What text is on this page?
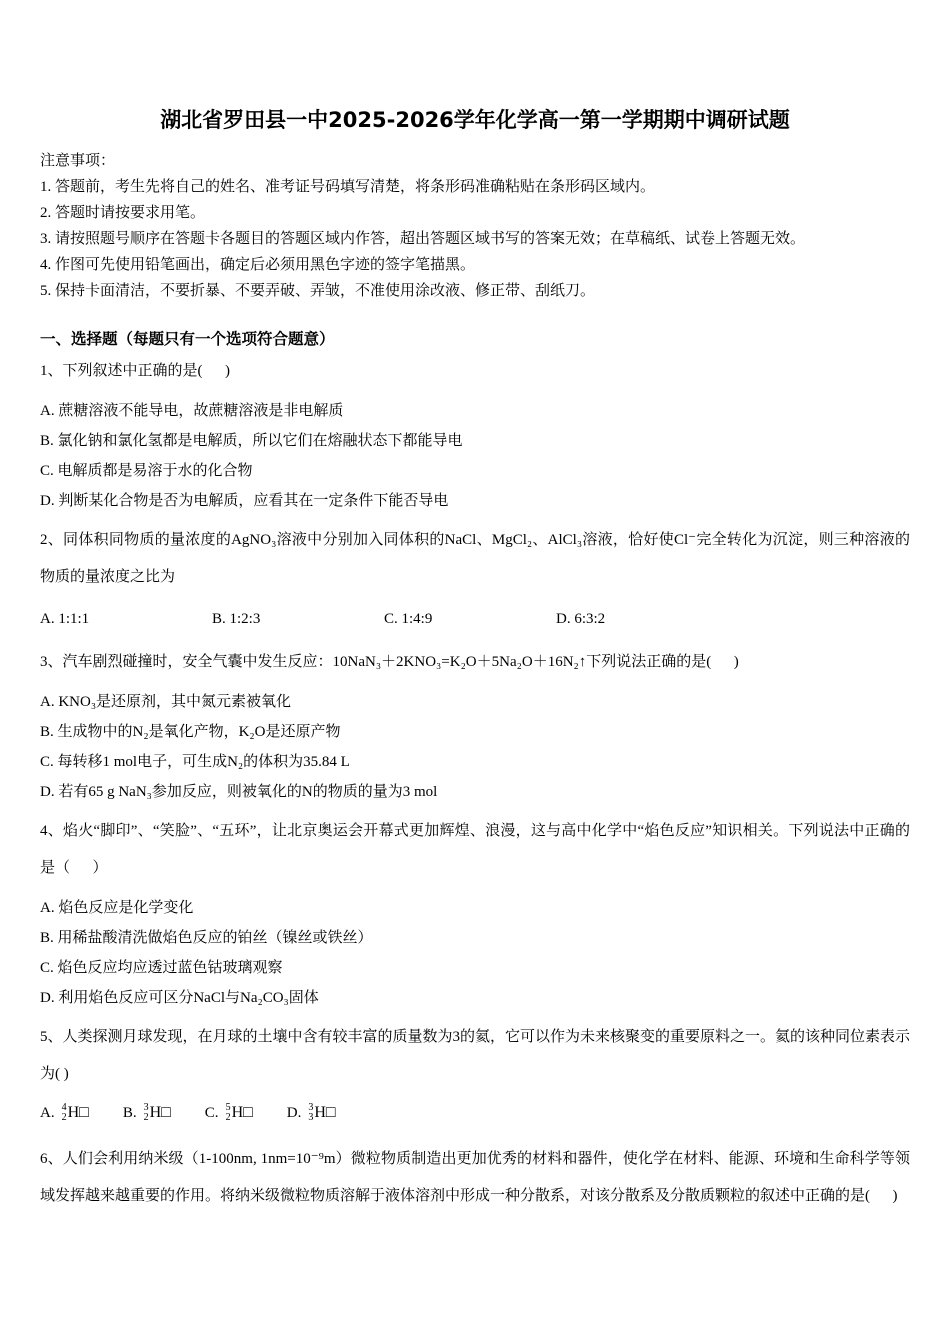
湖北省罗田县一中2025-2026学年化学高一第一学期期中调研试题

注意事项：

1. 答题前，考生先将自己的姓名、准考证号码填写清楚，将条形码准确粘贴在条形码区域内。

2. 答题时请按要求用笔。

3. 请按照题号顺序在答题卡各题目的答题区域内作答，超出答题区域书写的答案无效；在草稿纸、试卷上答题无效。

4. 作图可先使用铅笔画出，确定后必须用黑色字迹的签字笔描黑。

5. 保持卡面清洁，不要折暴、不要弄破、弄皱，不准使用涂改液、修正带、刮纸刀。

一、选择题（每题只有一个选项符合题意）

1、下列叙述中正确的是(      )

A. 蔗糖溶液不能导电，故蔗糖溶液是非电解质

B. 氯化钠和氯化氢都是电解质，所以它们在熔融状态下都能导电

C. 电解质都是易溶于水的化合物

D. 判断某化合物是否为电解质，应看其在一定条件下能否导电

2、同体积同物质的量浓度的AgNO₃溶液中分别加入同体积的NaCl、MgCl₂、AlCl₃溶液，恰好使Cl⁻完全转化为沉淀，则三种溶液的物质的量浓度之比为

A. 1:1:1	B. 1:2:3	C. 1:4:9	D. 6:3:2

3、汽车剧烈碰撞时，安全气囊中发生反应：10NaN₃＋2KNO₃=K₂O＋5Na₂O＋16N₂↑下列说法正确的是(      )

A. KNO₃是还原剂，其中氮元素被氧化

B. 生成物中的N₂是氧化产物，K₂O是还原产物

C. 每转移1 mol电子，可生成N₂的体积为35.84 L

D. 若有65 g NaN₃参加反应，则被氧化的N的物质的量为3 mol

4、焰火“脚印”、“笑脸”、“五环”，让北京奥运会开幕式更加辉煌、浪漫，这与高中化学中“焰色反应”知识相关。下列说法中正确的是（      ）

A. 焰色反应是化学变化

B. 用稀盐酸清洗做焰色反应的铂丝（镍丝或铁丝）

C. 焰色反应均应透过蓝色钴玻璃观察

D. 利用焰色反应可区分NaCl与Na₂CO₃固体

5、人类探测月球发现，在月球的土壤中含有较丰富的质量数为3的氦，它可以作为未来核聚变的重要原料之一。氦的该种同位素表示为( )

A. 4
2 H□ B. 3
2 H□ C. 5
2 H□ D. 3
3 H□

6、人们会利用纳米级（1-100nm, 1nm=10⁻⁹m）微粒物质制造出更加优秀的材料和器件，使化学在材料、能源、环境和生命科学等领域发挥越来越重要的作用。将纳米级微粒物质溶解于液体溶剂中形成一种分散系，对该分散系及分散质颗粒的叙述中正确的是(      )
